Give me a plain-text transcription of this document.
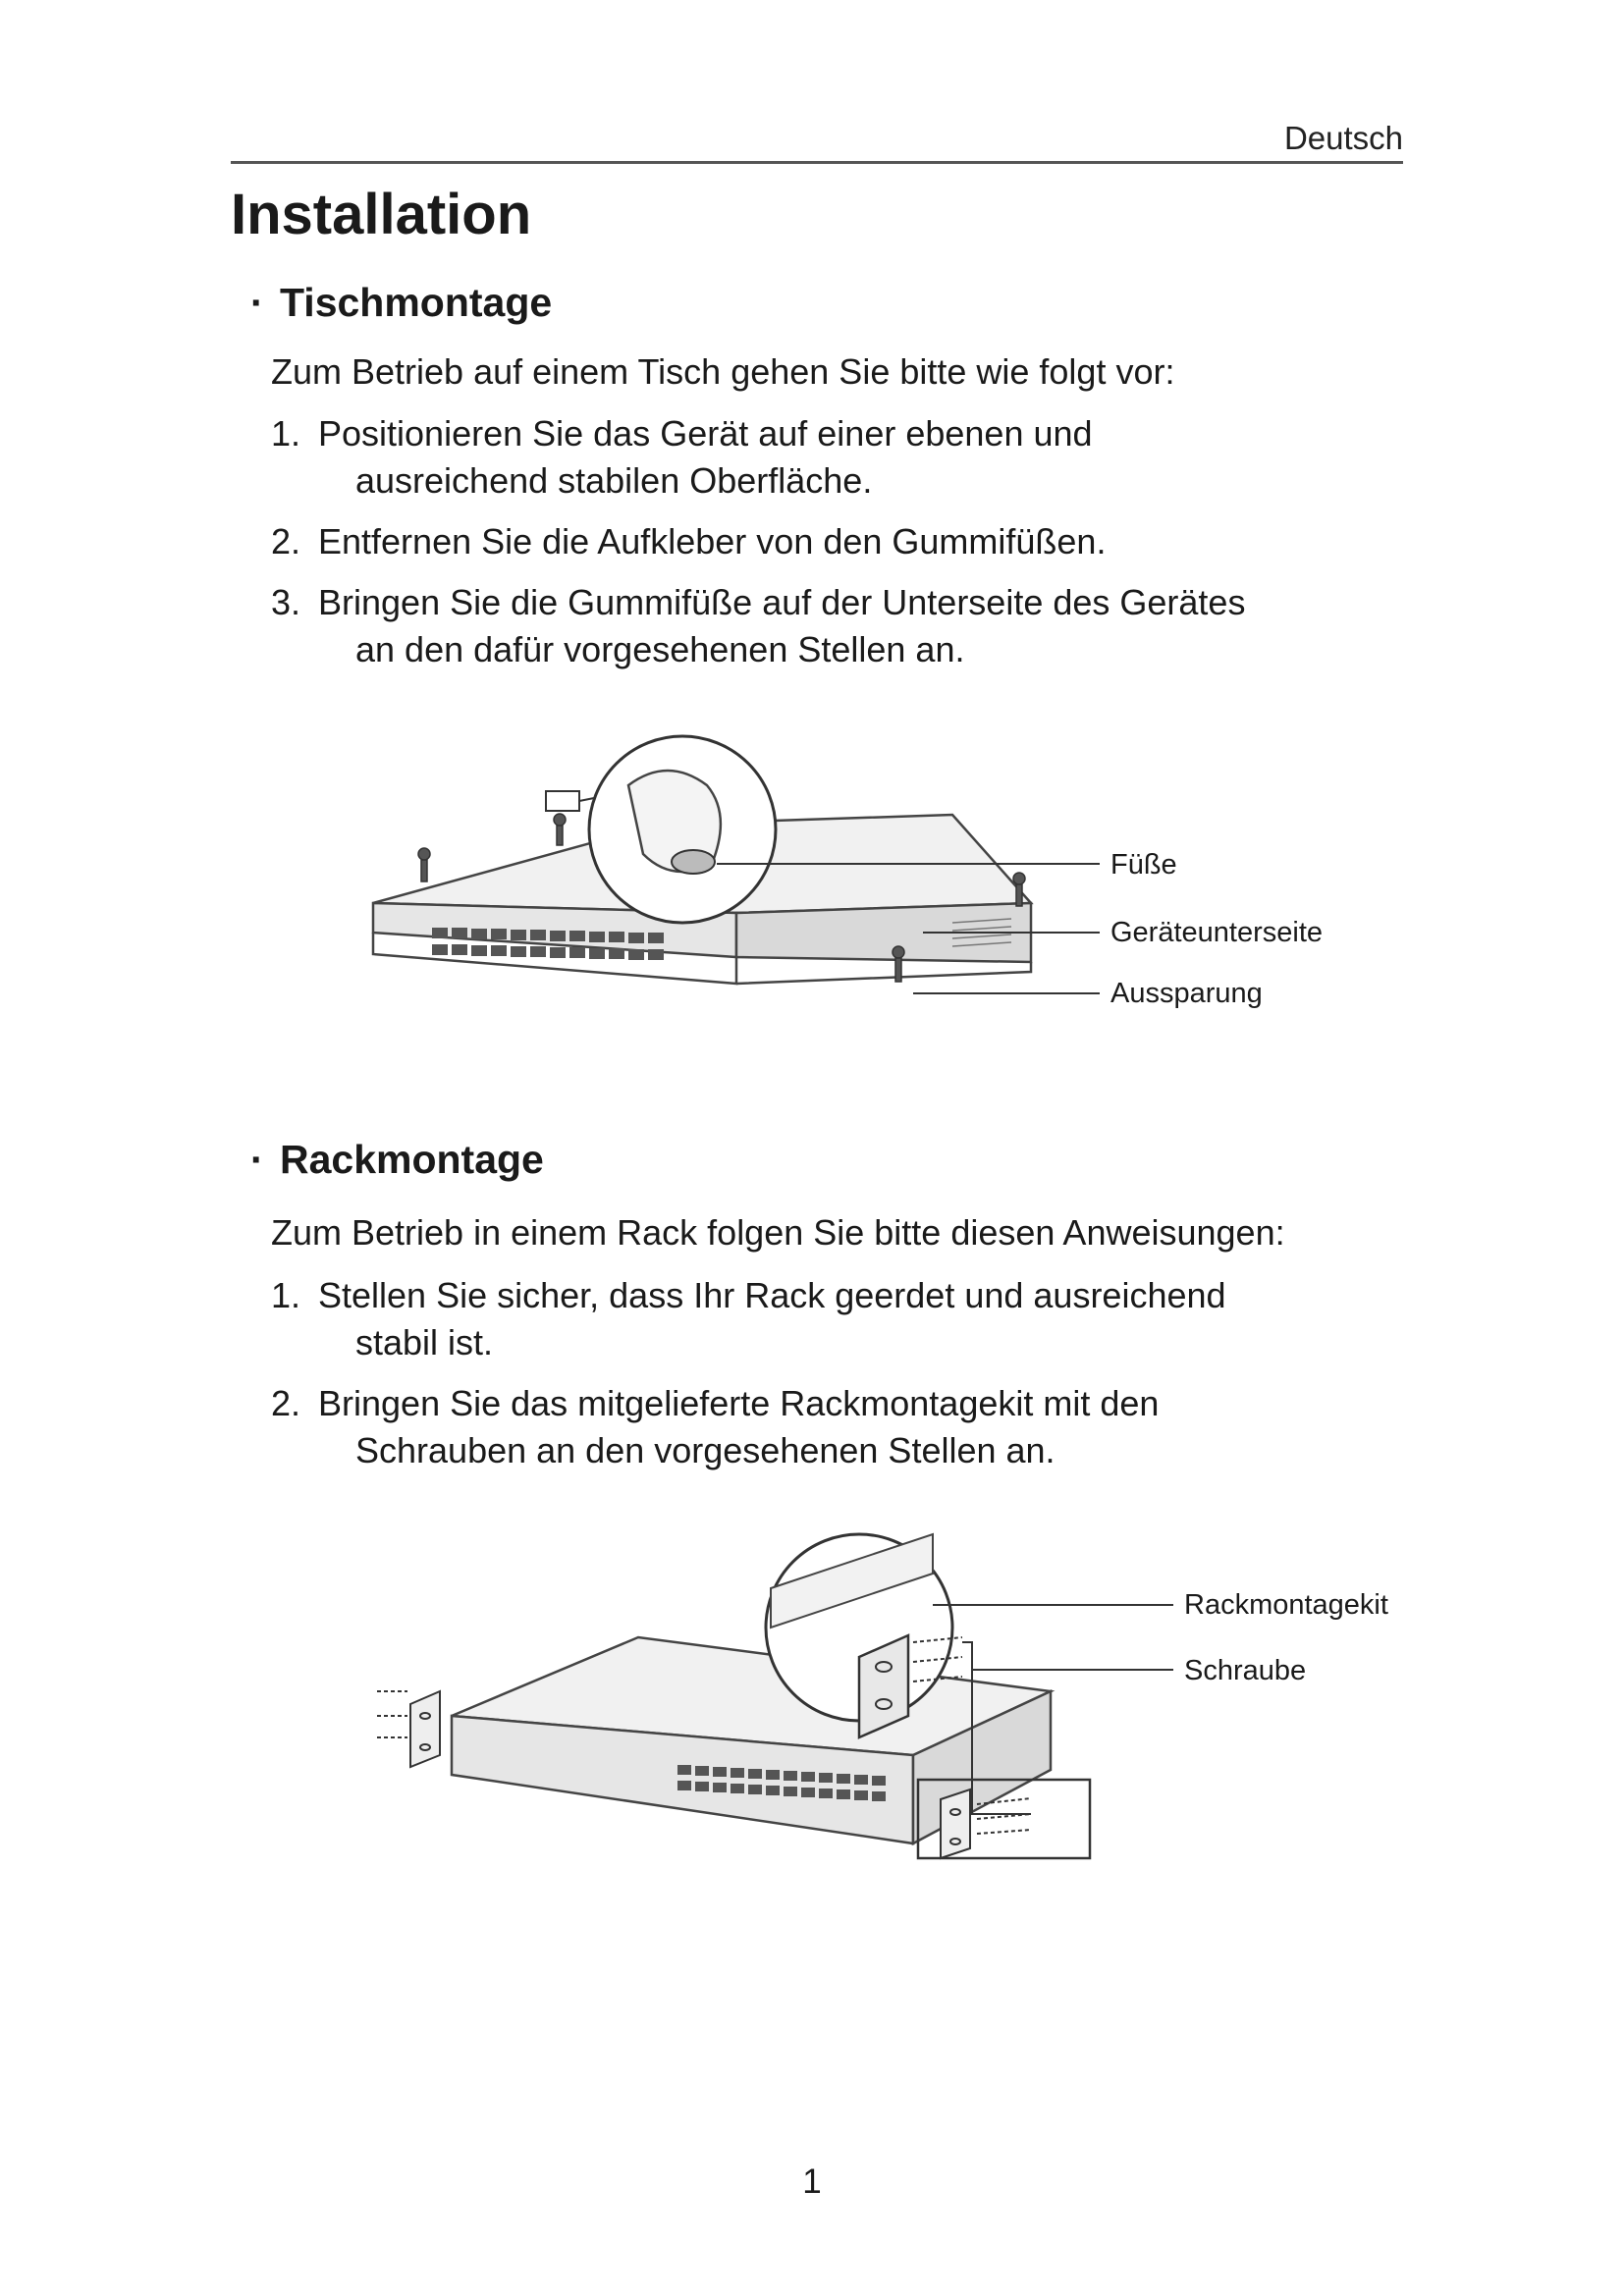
Deutsch
Installation
· Tischmontage

Zum Betrieb auf einem Tisch gehen Sie bitte wie folgt vor:

1. Positionieren Sie das Gerät auf einer ebenen und
ausreichend stabilen Oberfläche.
2. Entfernen Sie die Aufkleber von den Gummifüßen.
3. Bringen Sie die Gummifüße auf der Unterseite des Gerätes
an den dafür vorgesehenen Stellen an.
Füße
Geräteunterseite
Aussparung
· Rackmontage

Zum Betrieb in einem Rack folgen Sie bitte diesen Anweisungen:

1. Stellen Sie sicher, dass Ihr Rack geerdet und ausreichend
stabil ist.
2. Bringen Sie das mitgelieferte Rackmontagekit mit den
Schrauben an den vorgesehenen Stellen an.
Rackmontagekit
Schraube
1
